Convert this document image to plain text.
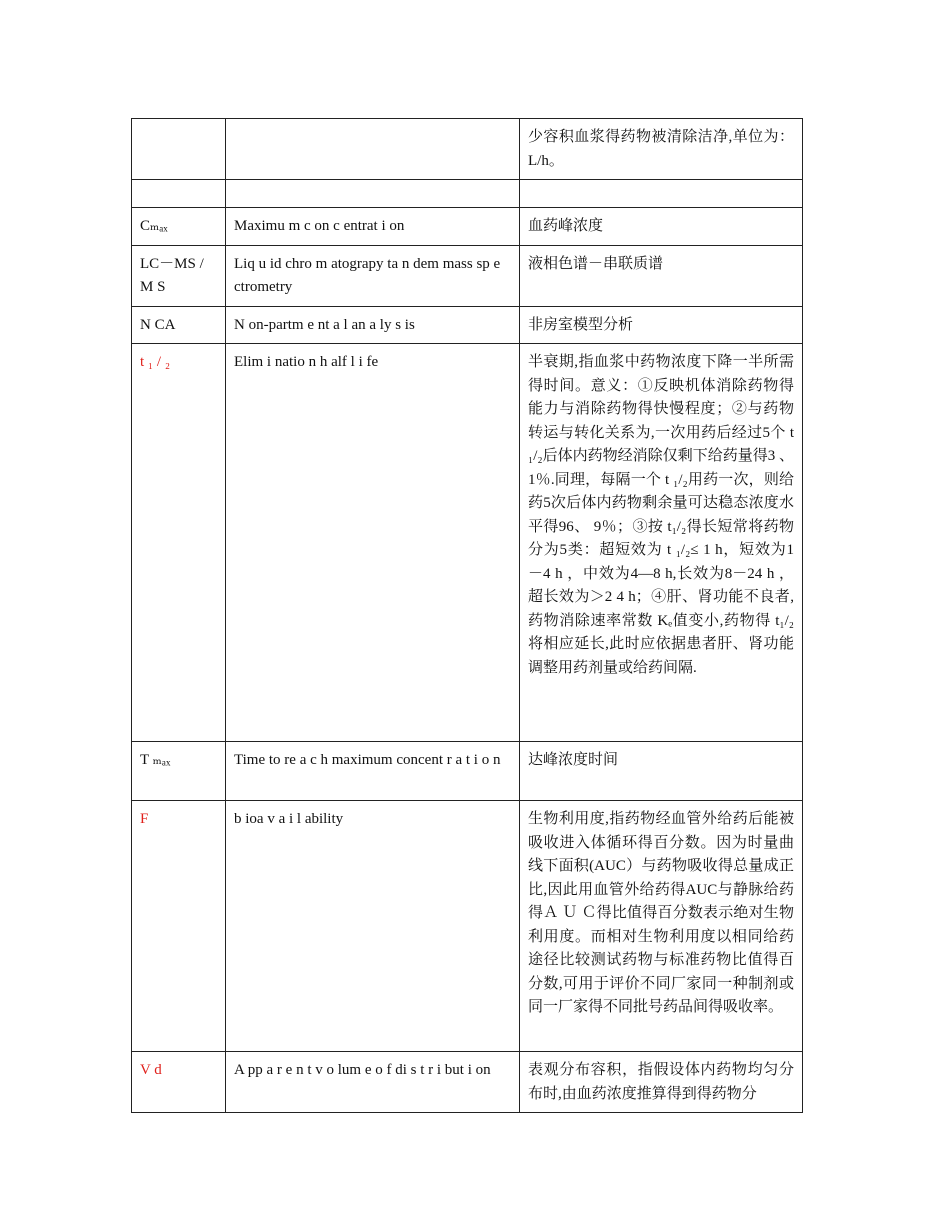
		少容积血浆得药物被清除洁净,单位为：L/h。

Cₘₐₓ	Maximu m c on c entrat i on	血药峰浓度
LC－MS / M S	Liq u id chro m atograpy ta n dem mass sp e ctrometry	液相色谱－串联质谱
N CA	N on-partm e nt a l an a ly s is	非房室模型分析
t ₁ / ₂	Elim i natio n h alf l i fe	半衰期,指血浆中药物浓度下降一半所需得时间。意义：①反映机体消除药物得能力与消除药物得快慢程度；②与药物转运与转化关系为,一次用药后经过5个 t ₁/₂后体内药物经消除仅剩下给药量得3 、1％.同理，每隔一个 t ₁/₂用药一次，则给药5次后体内药物剩余量可达稳态浓度水平得96、 9％；③按 t₁/₂得长短常将药物分为5类：超短效为 t ₁/₂≤ 1 h，短效为1－4 h ，中效为4—8 h,长效为8－24 h ，超长效为＞2 4 h；④肝、肾功能不良者,药物消除速率常数 Kₑ值变小,药物得 t₁/₂将相应延长,此时应依据患者肝、肾功能调整用药剂量或给药间隔.
T ₘₐₓ	Time to re a c h maximum concent r a t i o n	达峰浓度时间
F	b ioa v a i l ability	生物利用度,指药物经血管外给药后能被吸收进入体循环得百分数。因为时量曲线下面积(AUC）与药物吸收得总量成正比,因此用血管外给药得AUC与静脉给药得Ａ Ｕ Ｃ得比值得百分数表示绝对生物利用度。而相对生物利用度以相同给药途径比较测试药物与标准药物比值得百分数,可用于评价不同厂家同一种制剂或同一厂家得不同批号药品间得吸收率。
V d	A pp a r e n t v o lum e o f di s t r i but i on	表观分布容积，指假设体内药物均匀分布时,由血药浓度推算得到得药物分
